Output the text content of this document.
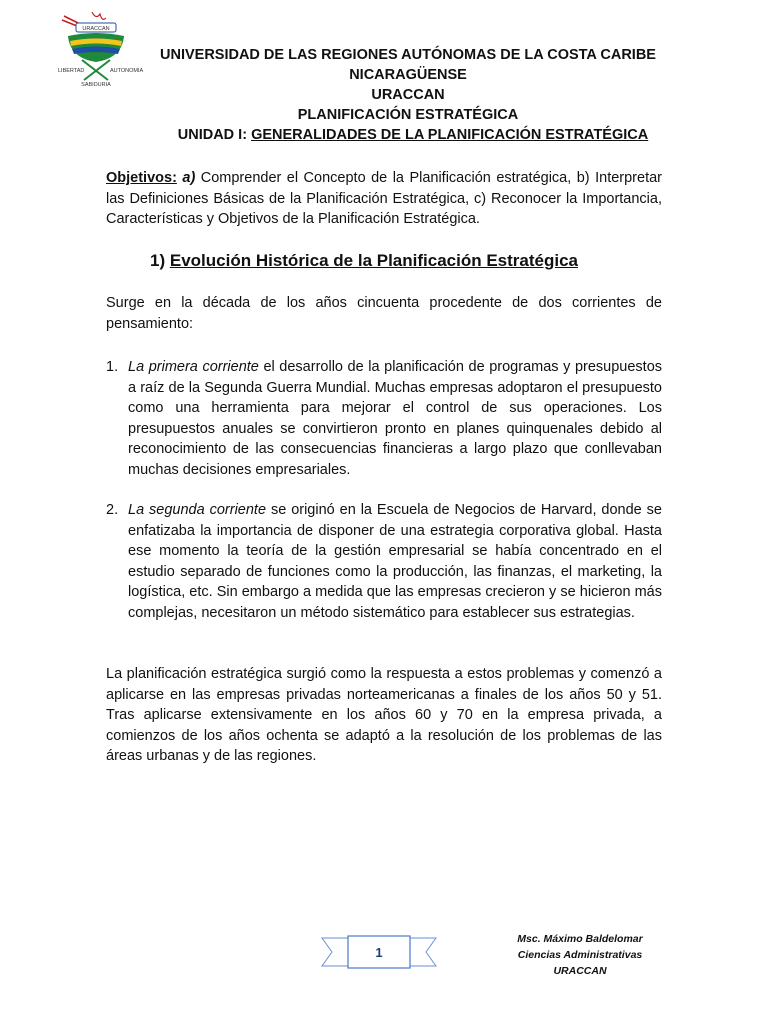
URACCAN
LIBERTAD	AUTONOMIA
SABIDURIA
UNIVERSIDAD DE LAS REGIONES AUTÓNOMAS DE LA COSTA CARIBE
NICARAGÜENSE
URACCAN
PLANIFICACIÓN ESTRATÉGICA
UNIDAD I: GENERALIDADES DE LA PLANIFICACIÓN ESTRATÉGICA
Objetivos: a) Comprender el Concepto de la Planificación estratégica, b) Interpretar las Definiciones Básicas de la Planificación Estratégica, c) Reconocer la Importancia, Características y Objetivos de la Planificación Estratégica.
1) Evolución Histórica de la Planificación Estratégica
Surge en la década de los años cincuenta procedente de dos corrientes de pensamiento:
1. La primera corriente el desarrollo de la planificación de programas y presupuestos a raíz de la Segunda Guerra Mundial. Muchas empresas adoptaron el presupuesto como una herramienta para mejorar el control de sus operaciones. Los presupuestos anuales se convirtieron pronto en planes quinquenales debido al reconocimiento de las consecuencias financieras a largo plazo que conllevaban muchas decisiones empresariales.
2. La segunda corriente se originó en la Escuela de Negocios de Harvard, donde se enfatizaba la importancia de disponer de una estrategia corporativa global. Hasta ese momento la teoría de la gestión empresarial se había concentrado en el estudio separado de funciones como la producción, las finanzas, el marketing, la logística, etc. Sin embargo a medida que las empresas crecieron y se hicieron más complejas, necesitaron un método sistemático para establecer sus estrategias.
La planificación estratégica surgió como la respuesta a estos problemas y comenzó a aplicarse en las empresas privadas norteamericanas a finales de los años 50 y 51. Tras aplicarse extensivamente en los años 60 y 70 en la empresa privada, a comienzos de los años ochenta se adaptó a la resolución de los problemas de las áreas urbanas y de las regiones.
1
Msc. Máximo Baldelomar
Ciencias Administrativas
URACCAN
